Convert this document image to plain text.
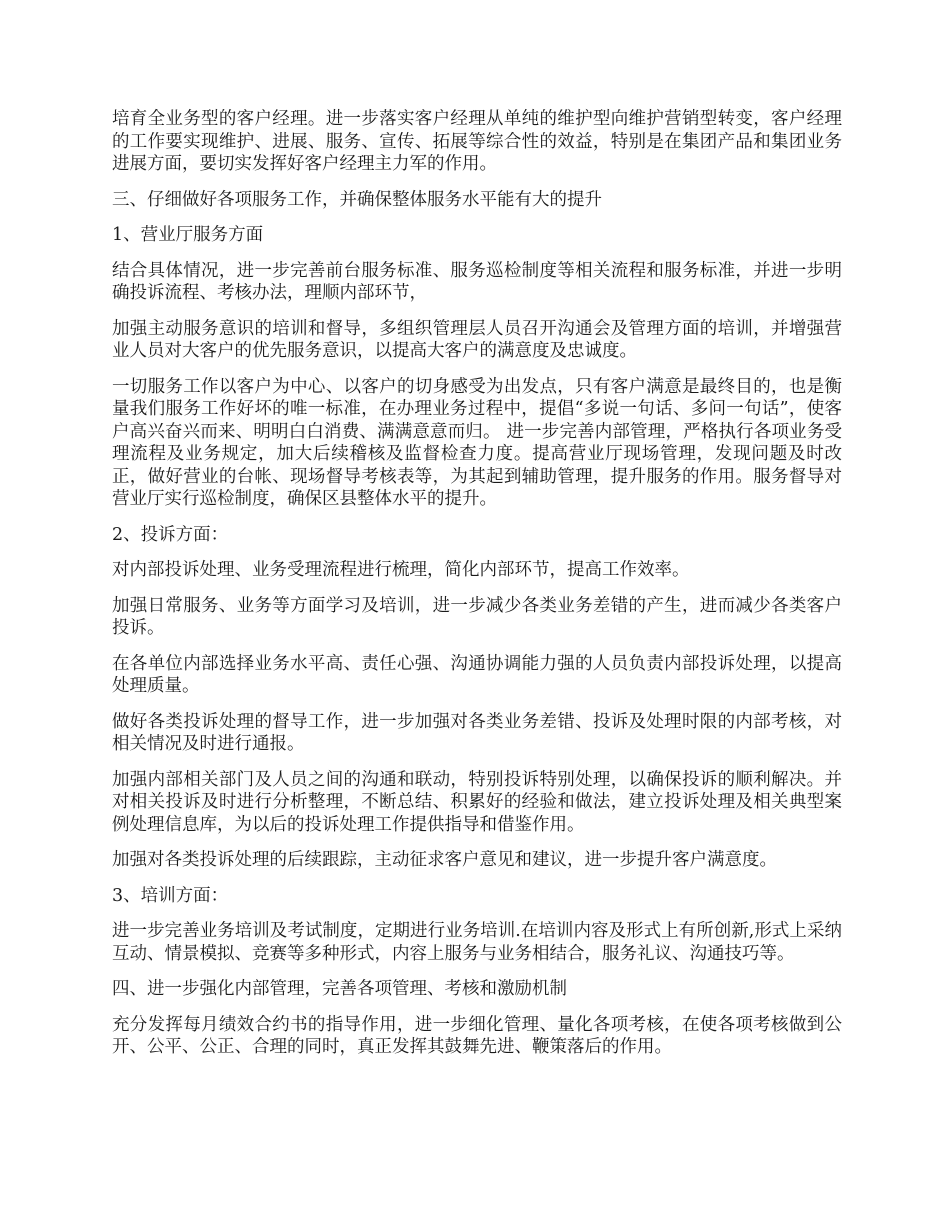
培育全业务型的客户经理。进一步落实客户经理从单纯的维护型向维护营销型转变，客户经理的工作要实现维护、进展、服务、宣传、拓展等综合性的效益，特别是在集团产品和集团业务进展方面，要切实发挥好客户经理主力军的作用。

三、仔细做好各项服务工作，并确保整体服务水平能有大的提升

1、营业厅服务方面

结合具体情况，进一步完善前台服务标准、服务巡检制度等相关流程和服务标准，并进一步明确投诉流程、考核办法，理顺内部环节，

加强主动服务意识的培训和督导，多组织管理层人员召开沟通会及管理方面的培训，并增强营业人员对大客户的优先服务意识，以提高大客户的满意度及忠诚度。

一切服务工作以客户为中心、以客户的切身感受为出发点，只有客户满意是最终目的，也是衡量我们服务工作好坏的唯一标准，在办理业务过程中，提倡“多说一句话、多问一句话”，使客户高兴奋兴而来、明明白白消费、满满意意而归。 进一步完善内部管理，严格执行各项业务受理流程及业务规定，加大后续稽核及监督检查力度。提高营业厅现场管理，发现问题及时改正，做好营业的台帐、现场督导考核表等，为其起到辅助管理，提升服务的作用。服务督导对营业厅实行巡检制度，确保区县整体水平的提升。

2、投诉方面：

对内部投诉处理、业务受理流程进行梳理，简化内部环节，提高工作效率。

加强日常服务、业务等方面学习及培训，进一步减少各类业务差错的产生，进而减少各类客户投诉。

在各单位内部选择业务水平高、责任心强、沟通协调能力强的人员负责内部投诉处理，以提高处理质量。

做好各类投诉处理的督导工作，进一步加强对各类业务差错、投诉及处理时限的内部考核，对相关情况及时进行通报。

加强内部相关部门及人员之间的沟通和联动，特别投诉特别处理，以确保投诉的顺利解决。并对相关投诉及时进行分析整理，不断总结、积累好的经验和做法，建立投诉处理及相关典型案例处理信息库，为以后的投诉处理工作提供指导和借鉴作用。

加强对各类投诉处理的后续跟踪，主动征求客户意见和建议，进一步提升客户满意度。

3、培训方面：

进一步完善业务培训及考试制度，定期进行业务培训.在培训内容及形式上有所创新,形式上采纳互动、情景模拟、竞赛等多种形式，内容上服务与业务相结合，服务礼议、沟通技巧等。

四、进一步强化内部管理，完善各项管理、考核和激励机制

充分发挥每月绩效合约书的指导作用，进一步细化管理、量化各项考核，在使各项考核做到公开、公平、公正、合理的同时，真正发挥其鼓舞先进、鞭策落后的作用。
